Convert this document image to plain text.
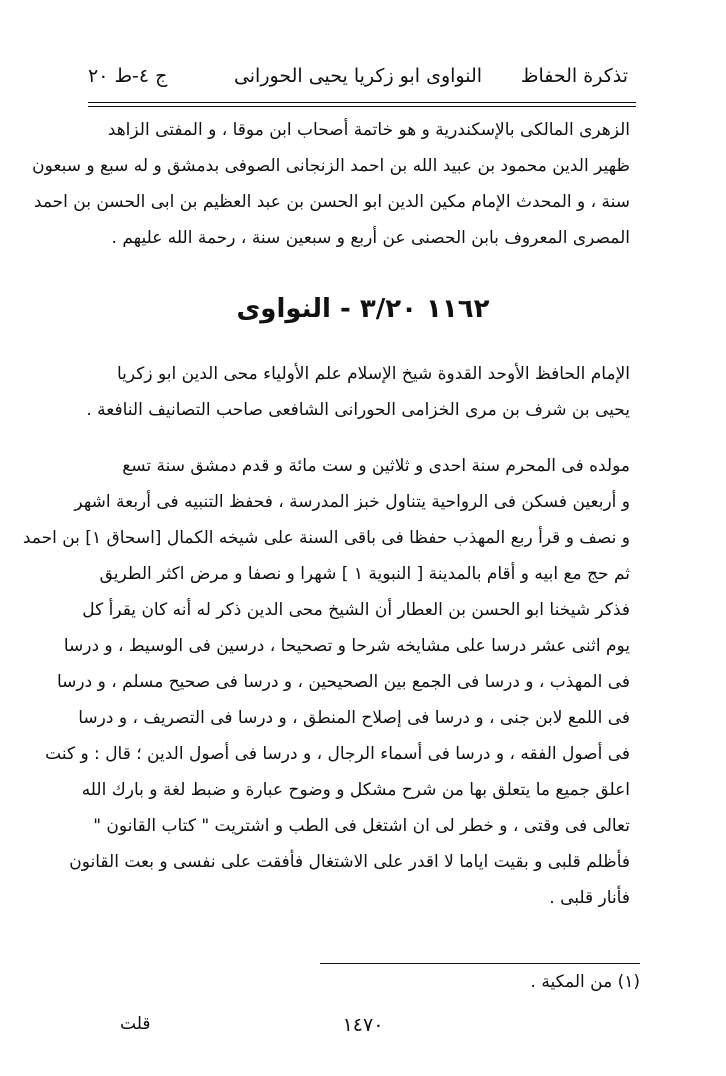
تذكرة الحفاظ
النواوى ابو زكريا يحيى الحورانى
ج ٤-ط ٢٠
الزهرى المالكى بالإسكندرية و هو خاتمة أصحاب ابن موقا ، و المفتى الزاهد
ظهير الدين محمود بن عبيد الله بن احمد الزنجانى الصوفى بدمشق و له سبع و سبعون
سنة ، و المحدث الإمام مكين الدين ابو الحسن بن عبد العظيم بن ابى الحسن بن احمد
المصرى المعروف بابن الحصنى عن أربع و سبعين سنة ، رحمة الله عليهم .
١١٦٢ ٣/٢٠ - النواوى
الإمام الحافظ الأوحد القدوة شيخ الإسلام علم الأولياء محى الدين ابو زكريا
يحيى بن شرف بن مرى الخزامى الحورانى الشافعى صاحب التصانيف النافعة .
مولده فى المحرم سنة احدى و ثلاثين و ست مائة و قدم دمشق سنة تسع
و أربعين فسكن فى الرواحية يتناول خبز المدرسة ، فحفظ التنبيه فى أربعة اشهر
و نصف و قرأ ربع المهذب حفظا فى باقى السنة على شيخه الكمال [اسحاق ١] بن احمد
ثم حج مع ابيه و أقام بالمدينة [ النبوية ١ ] شهرا و نصفا و مرض اكثر الطريق
فذكر شيخنا ابو الحسن بن العطار أن الشيخ محى الدين ذكر له أنه كان يقرأ كل
يوم اثنى عشر درسا على مشايخه شرحا و تصحيحا ، درسين فى الوسيط ، و درسا
فى المهذب ، و درسا فى الجمع بين الصحيحين ، و درسا فى صحيح مسلم ، و درسا
فى اللمع لابن جنى ، و درسا فى إصلاح المنطق ، و درسا فى التصريف ، و درسا
فى أصول الفقه ، و درسا فى أسماء الرجال ، و درسا فى أصول الدين ؛ قال : و كنت
اعلق جميع ما يتعلق بها من شرح مشكل و وضوح عبارة و ضبط لغة و بارك الله
تعالى فى وقتى ، و خطر لى ان اشتغل فى الطب و اشتريت " كتاب القانون "
فأظلم قلبى و بقيت اياما لا اقدر على الاشتغال فأفقت على نفسى و بعت القانون
فأنار قلبى .
(١) من المكية .
١٤٧٠
قلت
